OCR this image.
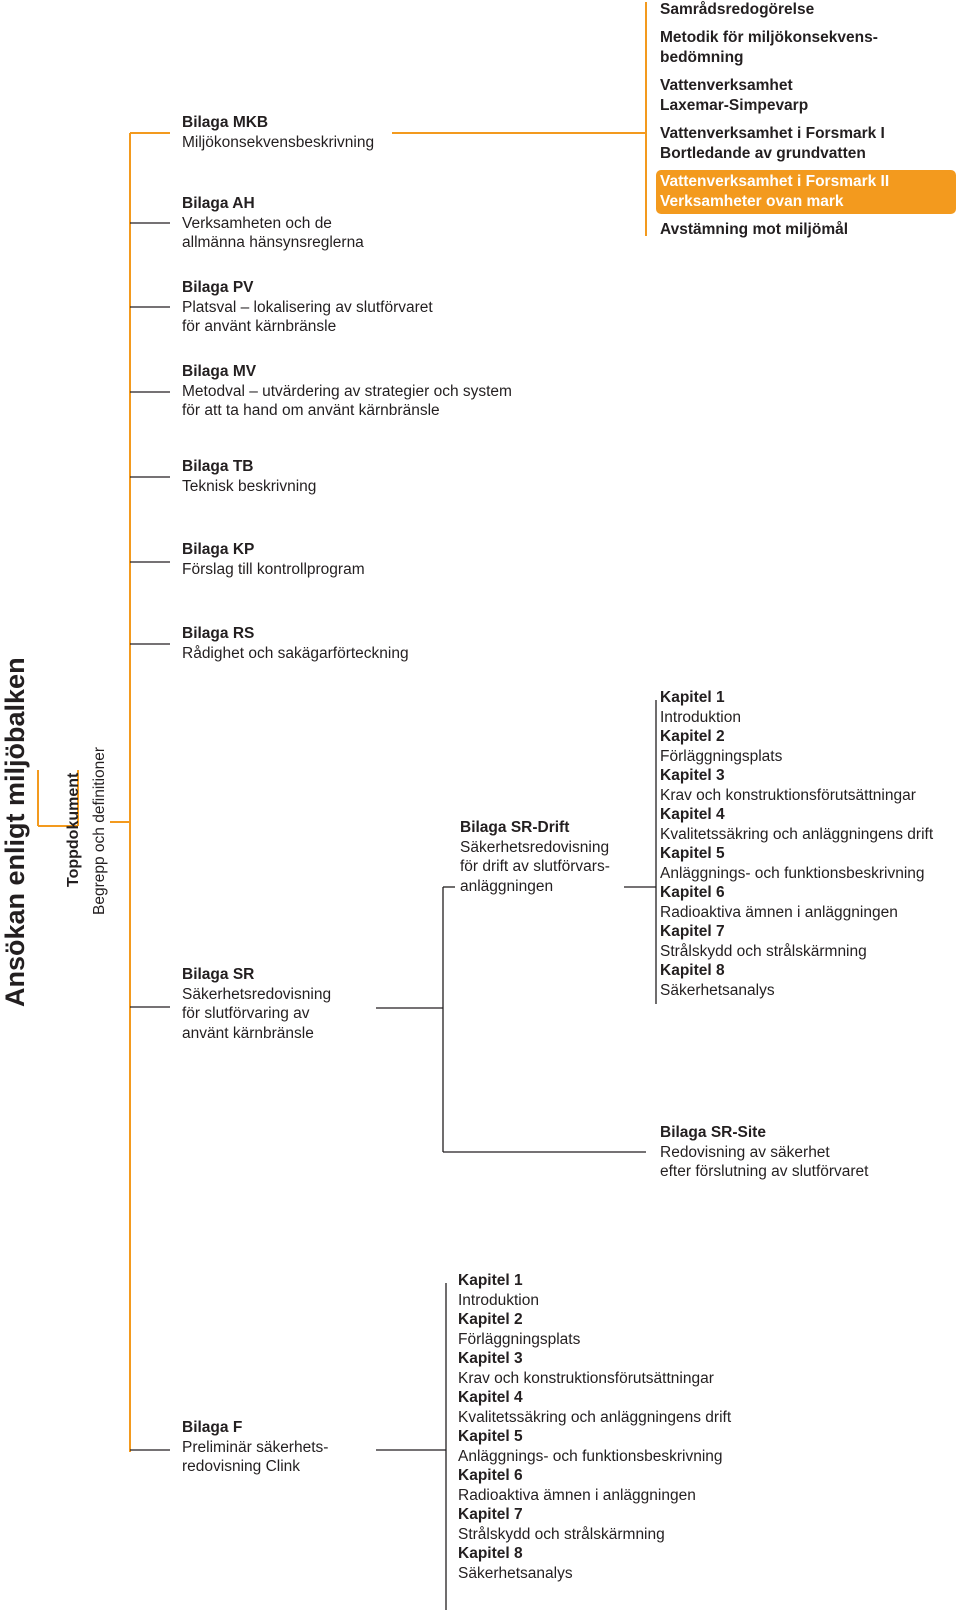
Ansökan enligt miljöbalken Toppdokument Begrepp och definitioner
Bilaga MKB
Miljökonsekvensbeskrivning
Bilaga AH
Verksamheten och de
allmänna hänsynsreglerna
Bilaga PV
Platsval – lokalisering av slutförvaret
för använt kärnbränsle
Bilaga MV
Metodval – utvärdering av strategier och system
för att ta hand om använt kärnbränsle
Bilaga TB
Teknisk beskrivning
Bilaga KP
Förslag till kontrollprogram
Bilaga RS
Rådighet och sakägarförteckning
Bilaga SR
Säkerhetsredovisning
för slutförvaring av
använt kärnbränsle
Bilaga F
Preliminär säkerhets-
redovisning Clink
Samrådsredogörelse
Metodik för miljökonsekvens-
bedömning
Vattenverksamhet
Laxemar-Simpevarp
Vattenverksamhet i Forsmark I
Bortledande av grundvatten
Vattenverksamhet i Forsmark II
Verksamheter ovan mark
Avstämning mot miljömål
Bilaga SR-Drift
Säkerhetsredovisning
för drift av slutförvars-
anläggningen
Bilaga SR-Site
Redovisning av säkerhet
efter förslutning av slutförvaret
Kapitel 1
Introduktion
Kapitel 2
Förläggningsplats
Kapitel 3
Krav och konstruktionsförutsättningar
Kapitel 4
Kvalitetssäkring och anläggningens drift
Kapitel 5
Anläggnings- och funktionsbeskrivning
Kapitel 6
Radioaktiva ämnen i anläggningen
Kapitel 7
Strålskydd och strålskärmning
Kapitel 8
Säkerhetsanalys
Kapitel 1
Introduktion
Kapitel 2
Förläggningsplats
Kapitel 3
Krav och konstruktionsförutsättningar
Kapitel 4
Kvalitetssäkring och anläggningens drift
Kapitel 5
Anläggnings- och funktionsbeskrivning
Kapitel 6
Radioaktiva ämnen i anläggningen
Kapitel 7
Strålskydd och strålskärmning
Kapitel 8
Säkerhetsanalys
